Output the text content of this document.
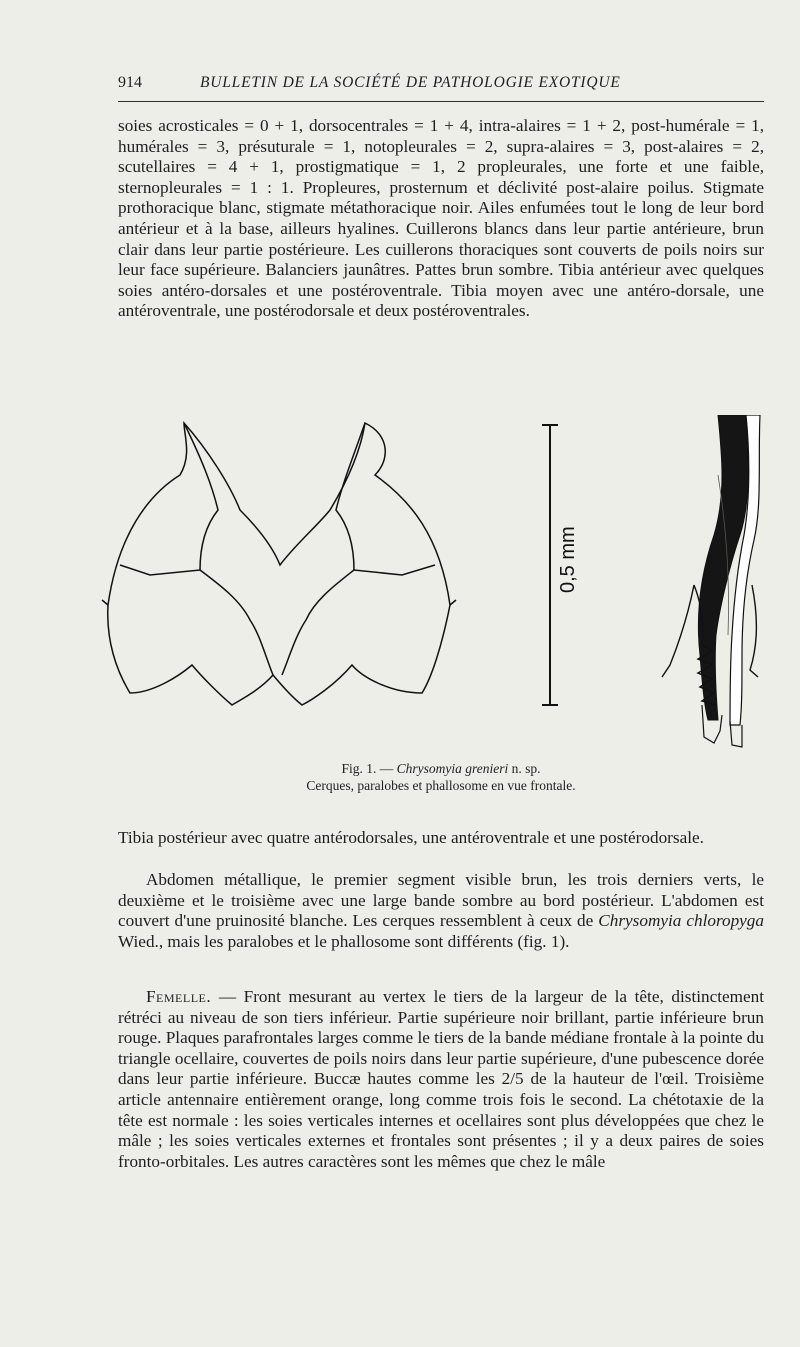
914	BULLETIN DE LA SOCIÉTÉ DE PATHOLOGIE EXOTIQUE

soies acrosticales = 0 + 1, dorsocentrales = 1 + 4, intra-alaires = 1 + 2, post-humérale = 1, humérales = 3, présuturale = 1, notopleurales = 2, supra-alaires = 3, post-alaires = 2, scutellaires = 4 + 1, prostigmatique = 1, 2 propleurales, une forte et une faible, sternopleurales = 1 : 1. Propleures, prosternum et déclivité post-alaire poilus. Stigmate prothoracique blanc, stigmate métathoracique noir. Ailes enfumées tout le long de leur bord antérieur et à la base, ailleurs hyalines. Cuillerons blancs dans leur partie antérieure, brun clair dans leur partie postérieure. Les cuillerons thoraciques sont couverts de poils noirs sur leur face supérieure. Balanciers jaunâtres. Pattes brun sombre. Tibia antérieur avec quelques soies antéro-dorsales et une postéroventrale. Tibia moyen avec une antéro-dorsale, une antéroventrale, une postérodorsale et deux postéroventrales.

0,5 mm
Fig. 1. — Chrysomyia grenieri n. sp.
Cerques, paralobes et phallosome en vue frontale.

Tibia postérieur avec quatre antérodorsales, une antéroventrale et une postérodorsale.

Abdomen métallique, le premier segment visible brun, les trois derniers verts, le deuxième et le troisième avec une large bande sombre au bord postérieur. L'abdomen est couvert d'une pruinosité blanche. Les cerques ressemblent à ceux de Chrysomyia chloropyga Wied., mais les paralobes et le phallosome sont différents (fig. 1).

Femelle. — Front mesurant au vertex le tiers de la largeur de la tête, distinctement rétréci au niveau de son tiers inférieur. Partie supérieure noir brillant, partie inférieure brun rouge. Plaques parafrontales larges comme le tiers de la bande médiane frontale à la pointe du triangle ocellaire, couvertes de poils noirs dans leur partie supérieure, d'une pubescence dorée dans leur partie inférieure. Buccæ hautes comme les 2/5 de la hauteur de l'œil. Troisième article antennaire entièrement orange, long comme trois fois le second. La chétotaxie de la tête est normale : les soies verticales internes et ocellaires sont plus développées que chez le mâle ; les soies verticales externes et frontales sont présentes ; il y a deux paires de soies fronto-orbitales. Les autres caractères sont les mêmes que chez le mâle
